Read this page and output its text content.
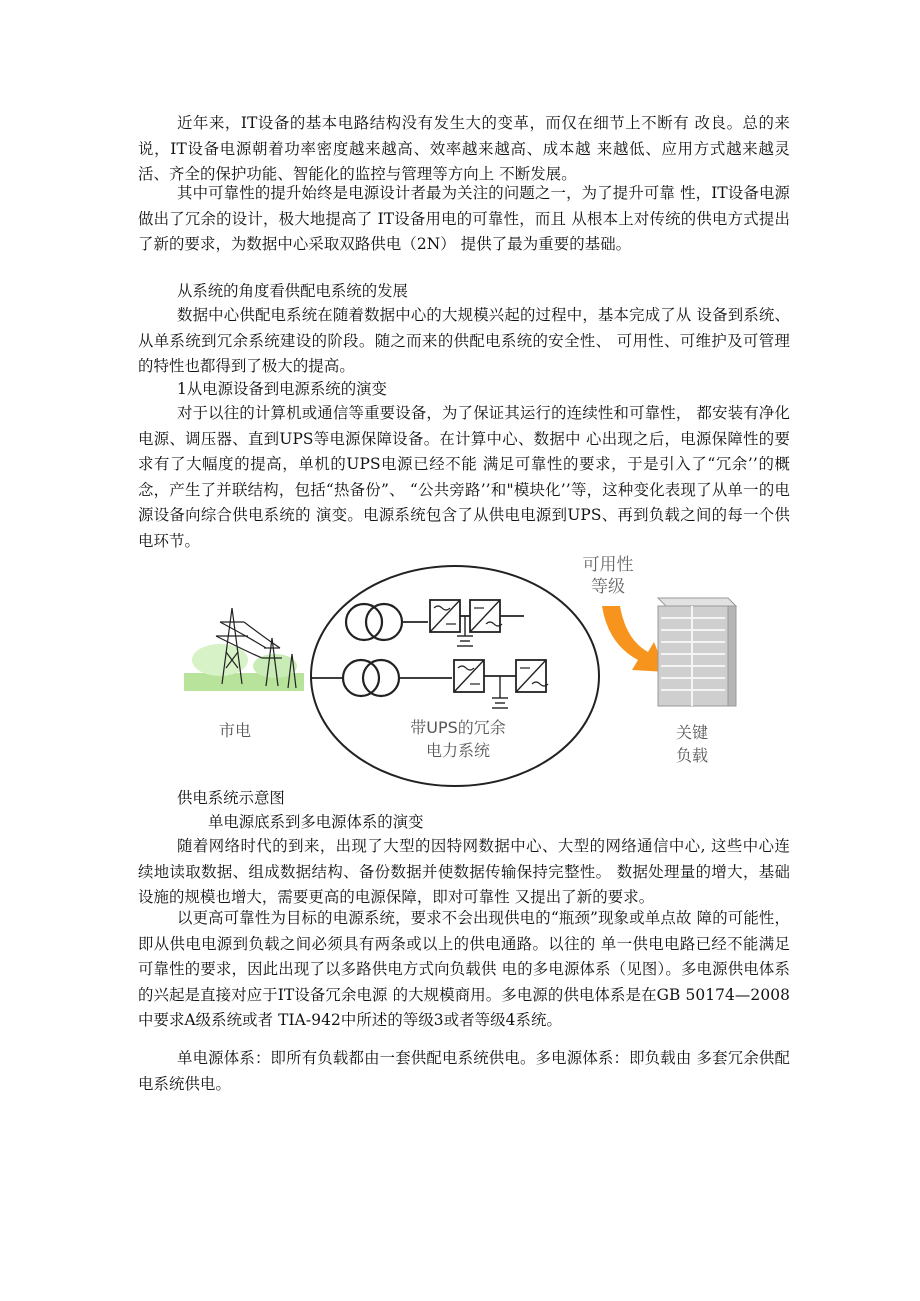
近年来，IT设备的基本电路结构没有发生大的变革，而仅在细节上不断有 改良。总的来说，IT设备电源朝着功率密度越来越高、效率越来越高、成本越 来越低、应用方式越来越灵活、齐全的保护功能、智能化的监控与管理等方向上 不断发展。

其中可靠性的提升始终是电源设计者最为关注的问题之一，为了提升可靠 性，IT设备电源做出了冗余的设计，极大地提高了 IT设备用电的可靠性，而且 从根本上对传统的供电方式提出了新的要求，为数据中心采取双路供电（2N） 提供了最为重要的基础。

从系统的角度看供配电系统的发展

数据中心供配电系统在随着数据中心的大规模兴起的过程中，基本完成了从 设备到系统、从单系统到冗余系统建设的阶段。随之而来的供配电系统的安全性、 可用性、可维护及可管理的特性也都得到了极大的提高。

1从电源设备到电源系统的演变

对于以往的计算机或通信等重要设备，为了保证其运行的连续性和可靠性， 都安装有净化电源、调压器、直到UPS等电源保障设备。在计算中心、数据中 心出现之后，电源保障性的要求有了大幅度的提高，单机的UPS电源已经不能 满足可靠性的要求，于是引入了“冗余’’的概念，产生了并联结构，包括“热备份”、 “公共旁路’’和"模块化’’等，这种变化表现了从单一的电源设备向综合供电系统的 演变。电源系统包含了从供电电源到UPS、再到负载之间的每一个供电环节。

市电	带UPS的冗余
电力系统
可用性
等级
关键
负载

供电系统示意图

单电源底系到多电源体系的演变

随着网络时代的到来，出现了大型的因特网数据中心、大型的网络通信中心, 这些中心连续地读取数据、组成数据结构、备份数据并使数据传输保持完整性。 数据处理量的增大，基础设施的规模也增大，需要更高的电源保障，即对可靠性 又提出了新的要求。

以更高可靠性为目标的电源系统，要求不会出现供电的“瓶颈”现象或单点故 障的可能性，即从供电电源到负载之间必须具有两条或以上的供电通路。以往的 单一供电电路已经不能满足可靠性的要求，因此出现了以多路供电方式向负载供 电的多电源体系（见图）。多电源供电体系的兴起是直接对应于IT设备冗余电源 的大规模商用。多电源的供电体系是在GB 50174—2008中要求A级系统或者 TIA-942中所述的等级3或者等级4系统。

单电源体系：即所有负载都由一套供配电系统供电。多电源体系：即负载由 多套冗余供配电系统供电。
